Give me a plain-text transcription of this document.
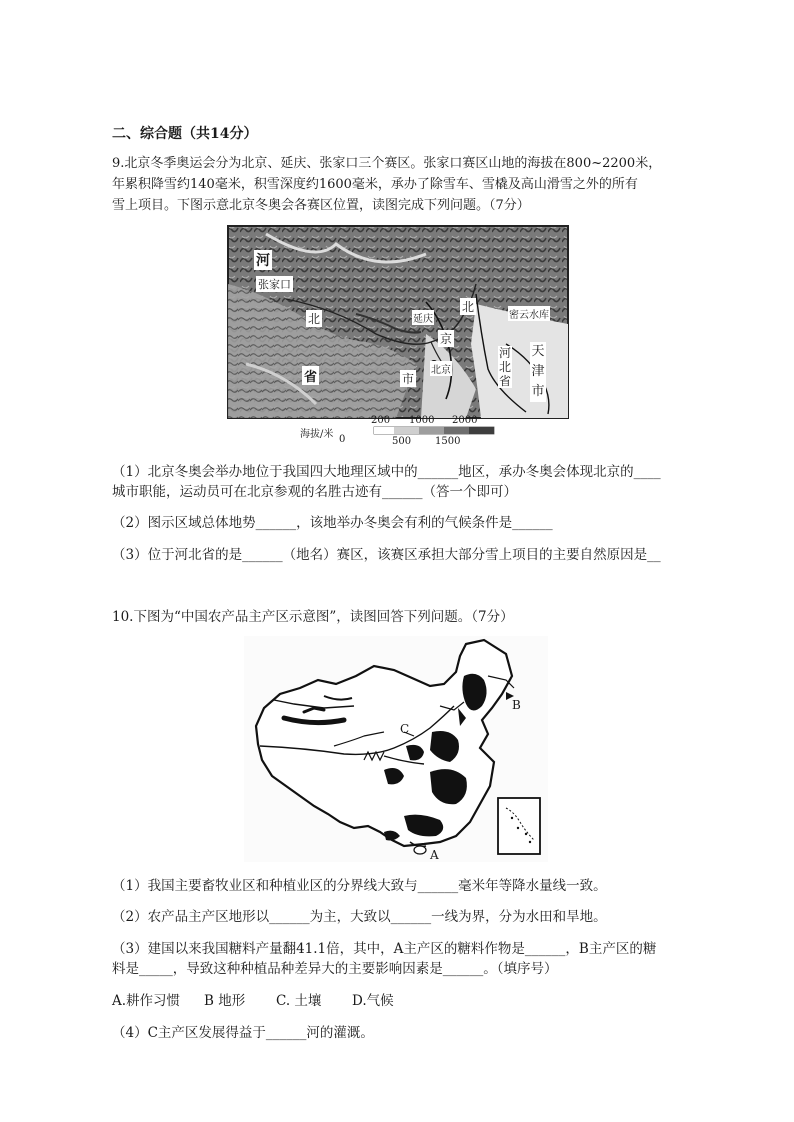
二、综合题（共14分）
9.北京冬季奥运会分为北京、延庆、张家口三个赛区。张家口赛区山地的海拔在800~2200米，
年累积降雪约140毫米，积雪深度约1600毫米，承办了除雪车、雪橇及高山滑雪之外的所有
雪上项目。下图示意北京冬奥会各赛区位置，读图完成下列问题。（7分）
河
张家口
北
省
延庆
北
京
市
北京
密云水库
河
北
省
天
津
市
海拔/米
200 1000 2000
0	500 1500
（1）北京冬奥会举办地位于我国四大地理区域中的______地区，承办冬奥会体现北京的____
城市职能，运动员可在北京参观的名胜古迹有______（答一个即可）
（2）图示区域总体地势______，该地举办冬奥会有利的气候条件是______
（3）位于河北省的是______（地名）赛区，该赛区承担大部分雪上项目的主要自然原因是__
10.下图为“中国农产品主产区示意图”，读图回答下列问题。（7分）
A
B
C
（1）我国主要畜牧业区和种植业区的分界线大致与______毫米年等降水量线一致。
（2）农产品主产区地形以______为主，大致以______一线为界，分为水田和旱地。
（3）建国以来我国糖料产量翻41.1倍，其中，A主产区的糖料作物是______，B主产区的糖
料是_____，导致这种种植品种差异大的主要影响因素是______。（填序号）
A.耕作习惯 B 地形 C. 土壤 D.气候
（4）C主产区发展得益于______河的灌溉。
